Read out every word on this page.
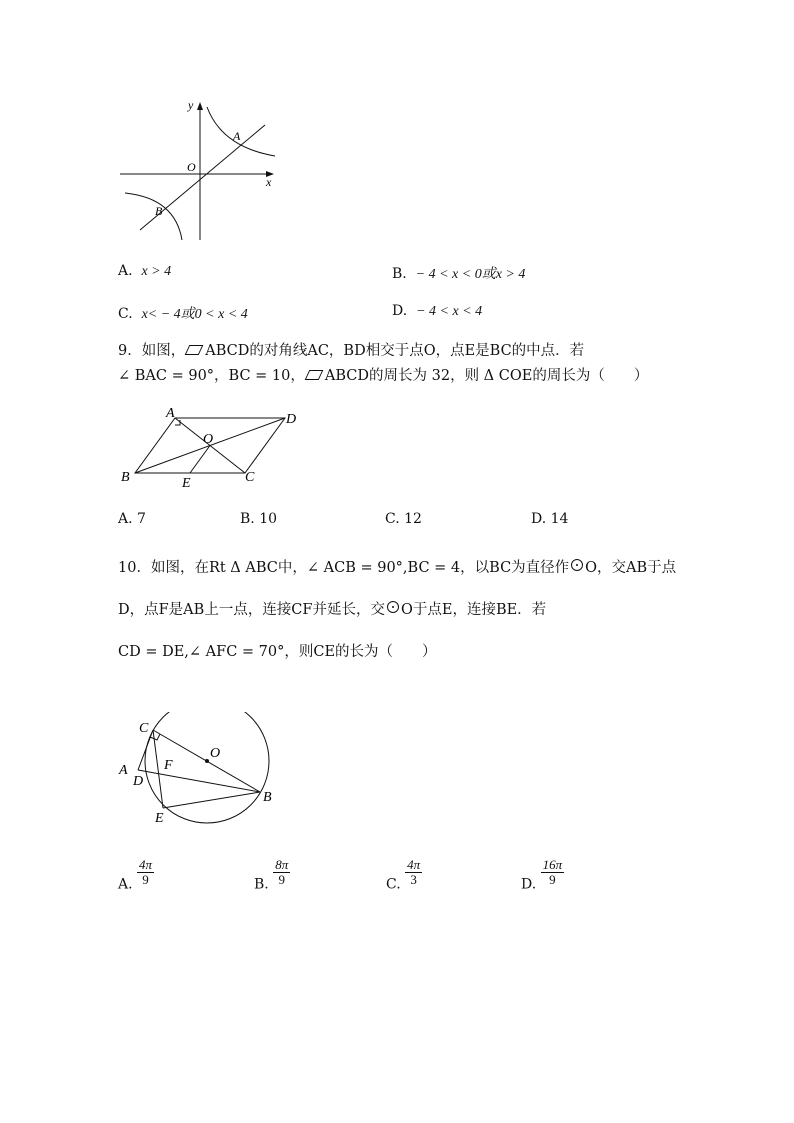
y
x
O
A
B
A. x > 4	B. − 4 < x < 0或x > 4
C. x< − 4或0 < x < 4	D. − 4 < x < 4
9．如图， ABCD的对角线AC，BD相交于点O，点E是BC的中点．若
∠ BAC = 90°，BC = 10， ABCD的周长为 32，则 Δ COE的周长为（　　）
A	D
O
B	E	C
A. 7	B. 10	C. 12	D. 14
10．如图，在Rt Δ ABC中，∠ ACB = 90°,BC = 4，以BC为直径作 O，交AB于点
D，点F是AB上一点，连接CF并延长，交 O于点E，连接BE．若
CD = DE,∠ AFC = 70°，则CE的长为（　　）
C
O
A	F
D
B
E
A. $\frac{4\pi}{9}$	B. $\frac{8\pi}{9}$	C. $\frac{4\pi}{3}$	D. $\frac{16\pi}{9}$
